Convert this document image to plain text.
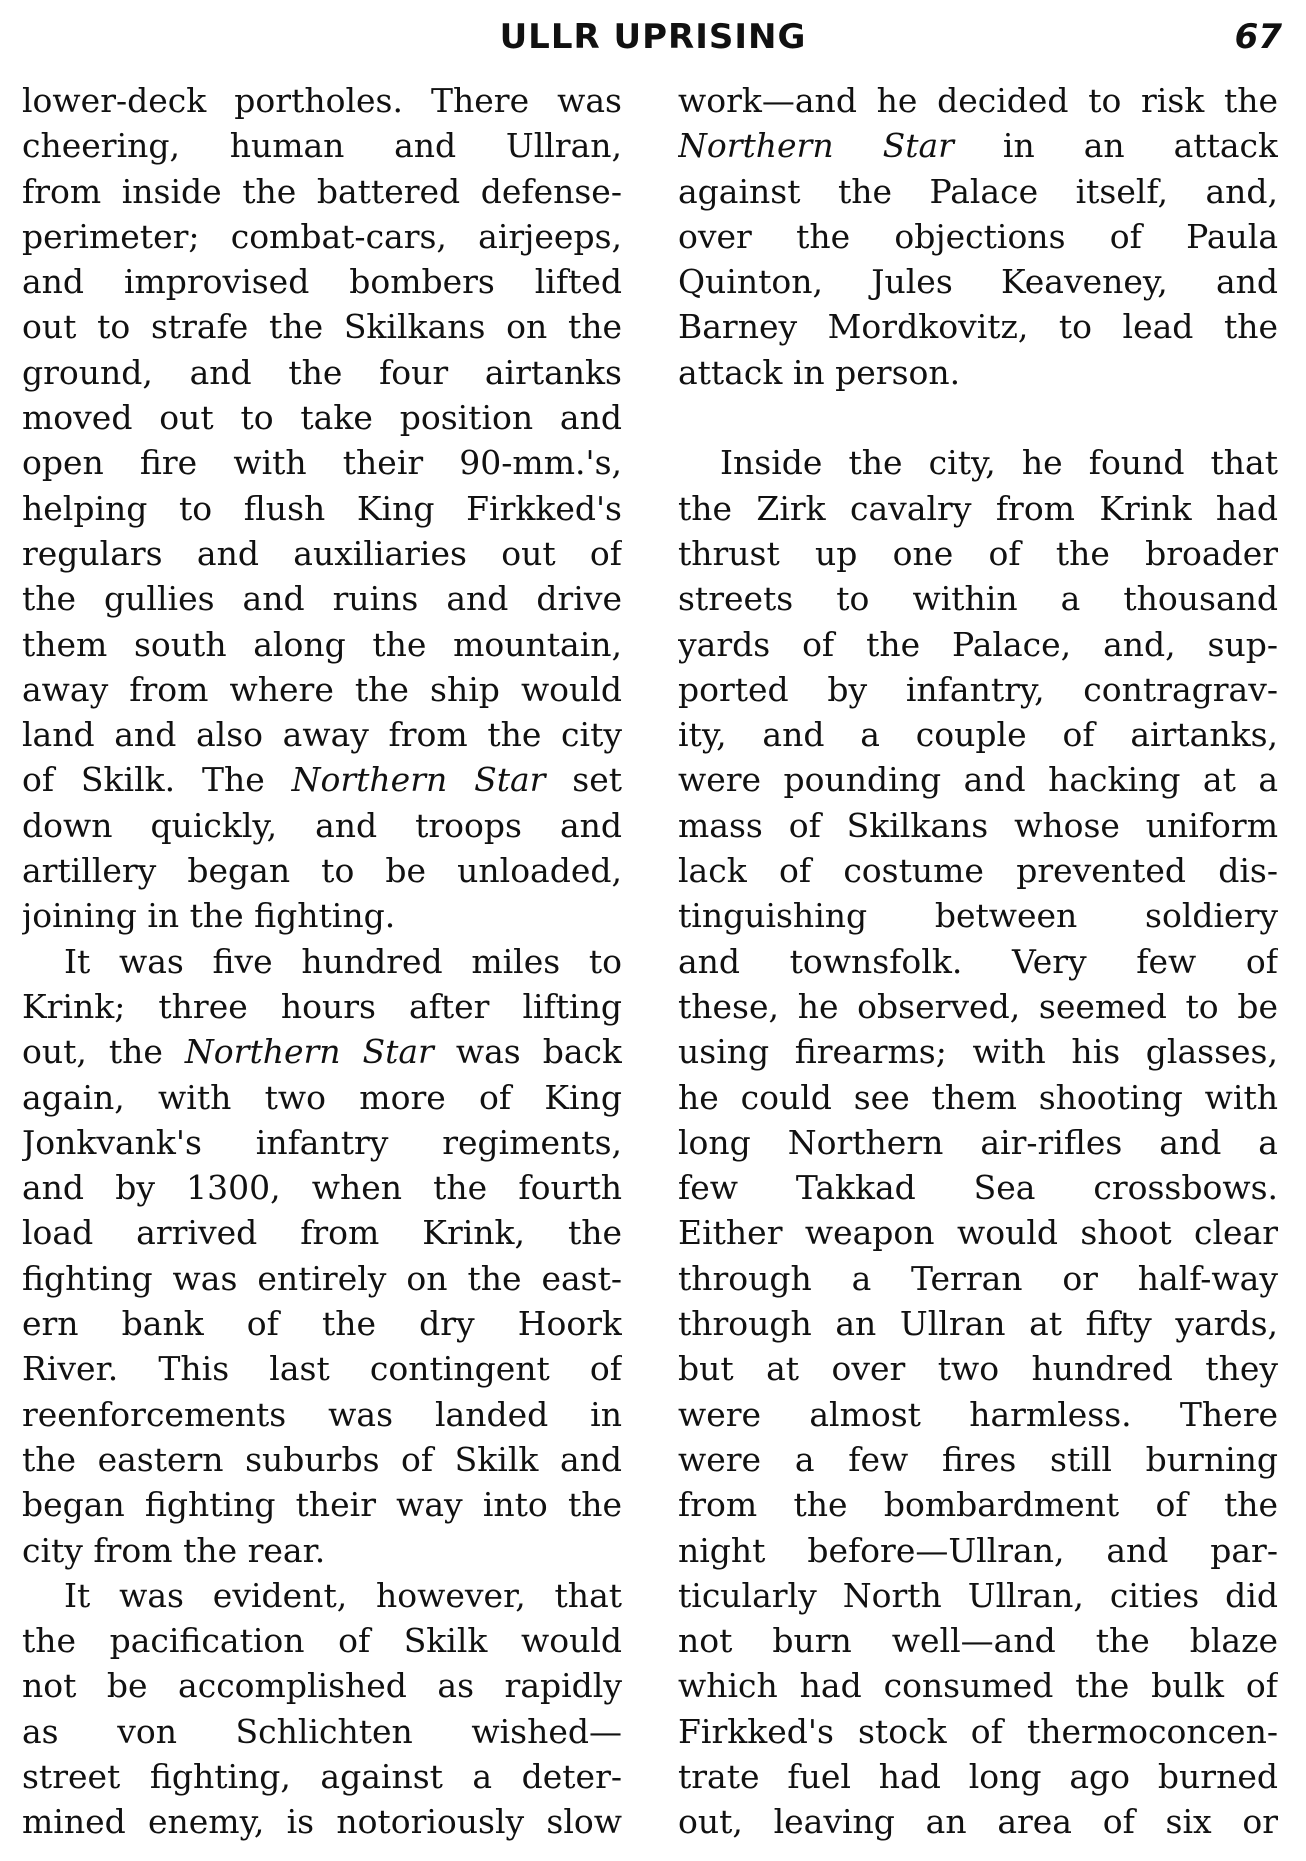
ULLR UPRISING	67
lower-deck portholes. There was
cheering, human and Ullran,
from inside the battered defense-
perimeter; combat-cars, airjeeps,
and improvised bombers lifted
out to strafe the Skilkans on the
ground, and the four airtanks
moved out to take position and
open fire with their 90-mm.'s,
helping to flush King Firkked's
regulars and auxiliaries out of
the gullies and ruins and drive
them south along the mountain,
away from where the ship would
land and also away from the city
of Skilk. The Northern Star set
down quickly, and troops and
artillery began to be unloaded,
joining in the fighting.
It was five hundred miles to
Krink; three hours after lifting
out, the Northern Star was back
again, with two more of King
Jonkvank's infantry regiments,
and by 1300, when the fourth
load arrived from Krink, the
fighting was entirely on the east-
ern bank of the dry Hoork
River. This last contingent of
reenforcements was landed in
the eastern suburbs of Skilk and
began fighting their way into the
city from the rear.
It was evident, however, that
the pacification of Skilk would
not be accomplished as rapidly
as von Schlichten wished—
street fighting, against a deter-
mined enemy, is notoriously slow
work—and he decided to risk the
Northern Star in an attack
against the Palace itself, and,
over the objections of Paula
Quinton, Jules Keaveney, and
Barney Mordkovitz, to lead the
attack in person.
Inside the city, he found that
the Zirk cavalry from Krink had
thrust up one of the broader
streets to within a thousand
yards of the Palace, and, sup-
ported by infantry, contragrav-
ity, and a couple of airtanks,
were pounding and hacking at a
mass of Skilkans whose uniform
lack of costume prevented dis-
tinguishing between soldiery
and townsfolk. Very few of
these, he observed, seemed to be
using firearms; with his glasses,
he could see them shooting with
long Northern air-rifles and a
few Takkad Sea crossbows.
Either weapon would shoot clear
through a Terran or half-way
through an Ullran at fifty yards,
but at over two hundred they
were almost harmless. There
were a few fires still burning
from the bombardment of the
night before—Ullran, and par-
ticularly North Ullran, cities did
not burn well—and the blaze
which had consumed the bulk of
Firkked's stock of thermoconcen-
trate fuel had long ago burned
out, leaving an area of six or
